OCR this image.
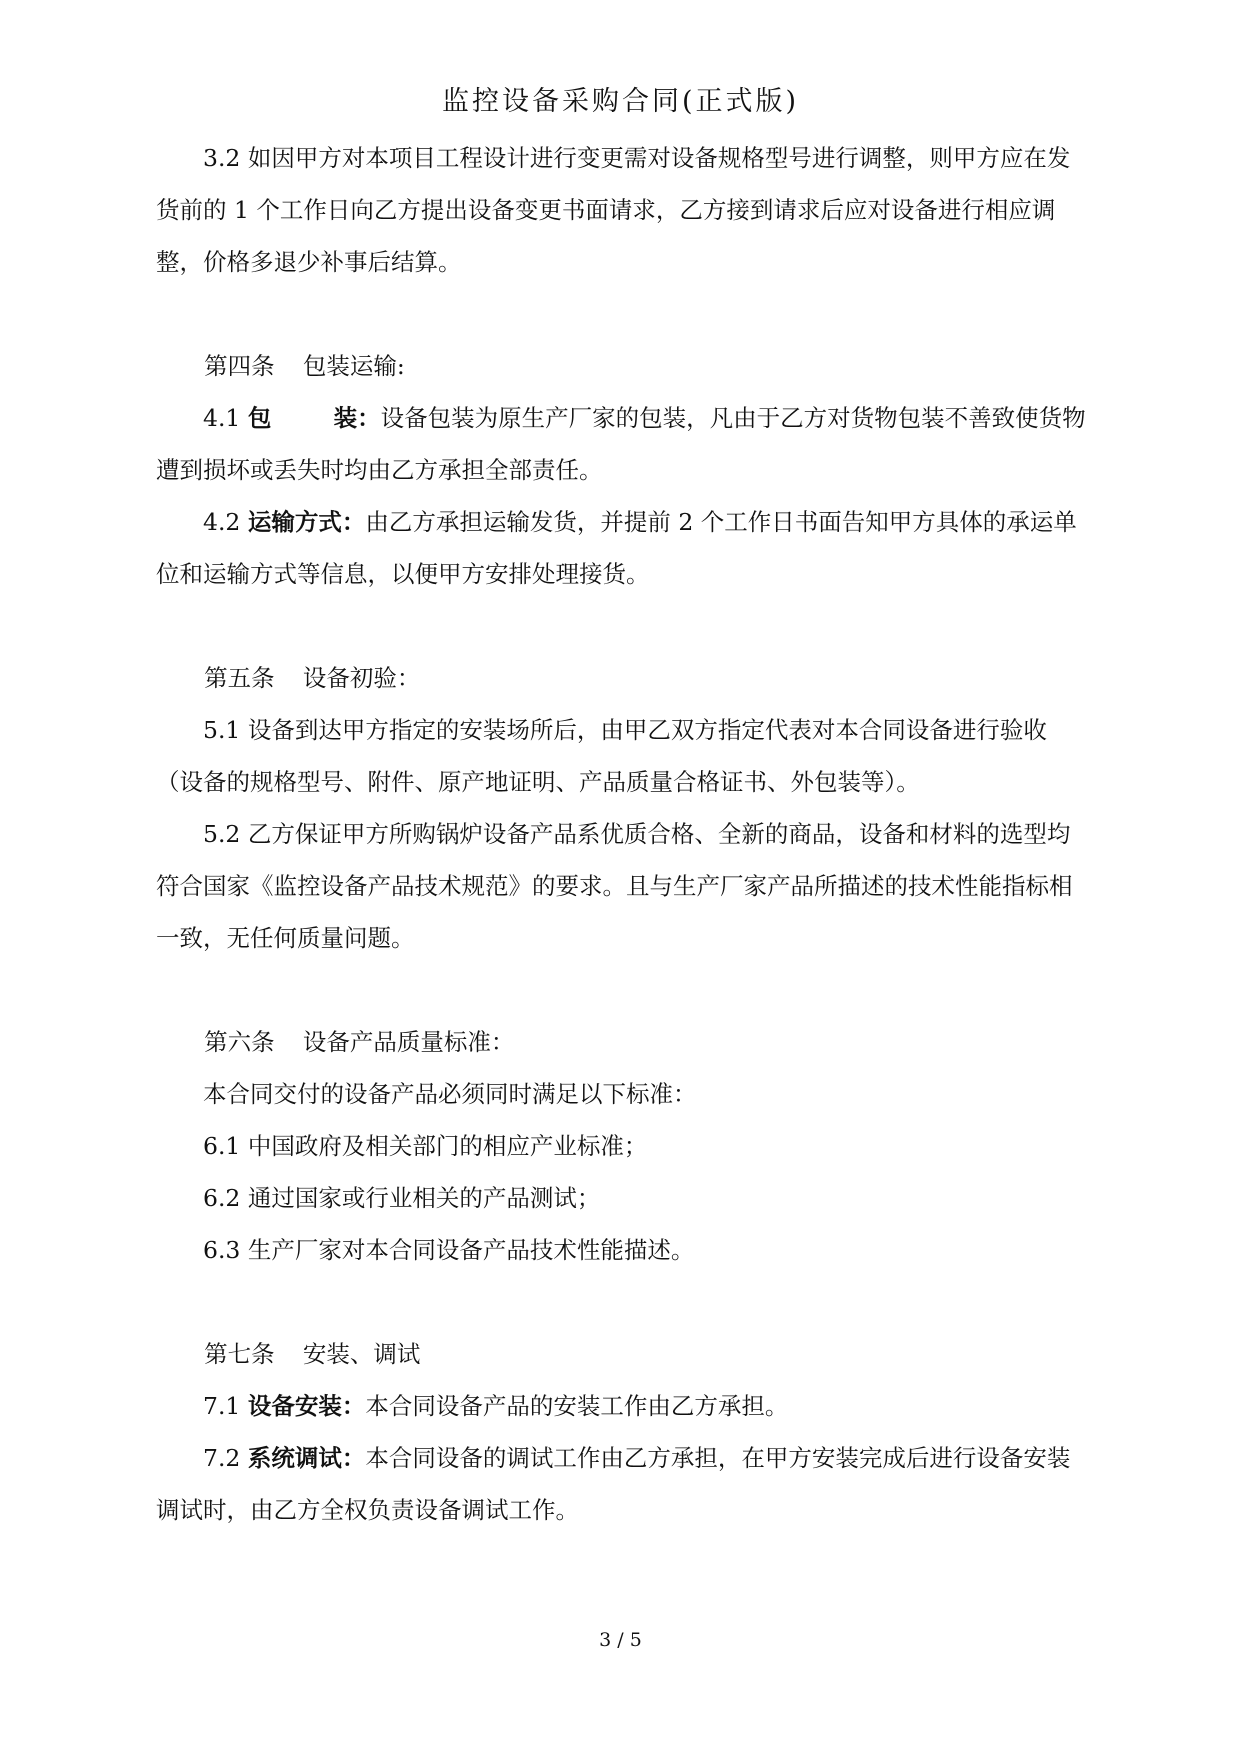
监控设备采购合同(正式版)

3.2 如因甲方对本项目工程设计进行变更需对设备规格型号进行调整，则甲方应在发货前的 1 个工作日向乙方提出设备变更书面请求，乙方接到请求后应对设备进行相应调整，价格多退少补事后结算。

第四条 包装运输:

4.1 包装：设备包装为原生产厂家的包装，凡由于乙方对货物包装不善致使货物遭到损坏或丢失时均由乙方承担全部责任。

4.2 运输方式：由乙方承担运输发货，并提前 2 个工作日书面告知甲方具体的承运单位和运输方式等信息，以便甲方安排处理接货。

第五条 设备初验：

5.1 设备到达甲方指定的安装场所后，由甲乙双方指定代表对本合同设备进行验收（设备的规格型号、附件、原产地证明、产品质量合格证书、外包装等）。

5.2 乙方保证甲方所购锅炉设备产品系优质合格、全新的商品，设备和材料的选型均符合国家《监控设备产品技术规范》的要求。且与生产厂家产品所描述的技术性能指标相一致，无任何质量问题。

第六条 设备产品质量标准：

本合同交付的设备产品必须同时满足以下标准：

6.1 中国政府及相关部门的相应产业标准；

6.2 通过国家或行业相关的产品测试；

6.3 生产厂家对本合同设备产品技术性能描述。

第七条 安装、调试

7.1 设备安装：本合同设备产品的安装工作由乙方承担。

7.2 系统调试：本合同设备的调试工作由乙方承担，在甲方安装完成后进行设备安装调试时，由乙方全权负责设备调试工作。

3 / 5
